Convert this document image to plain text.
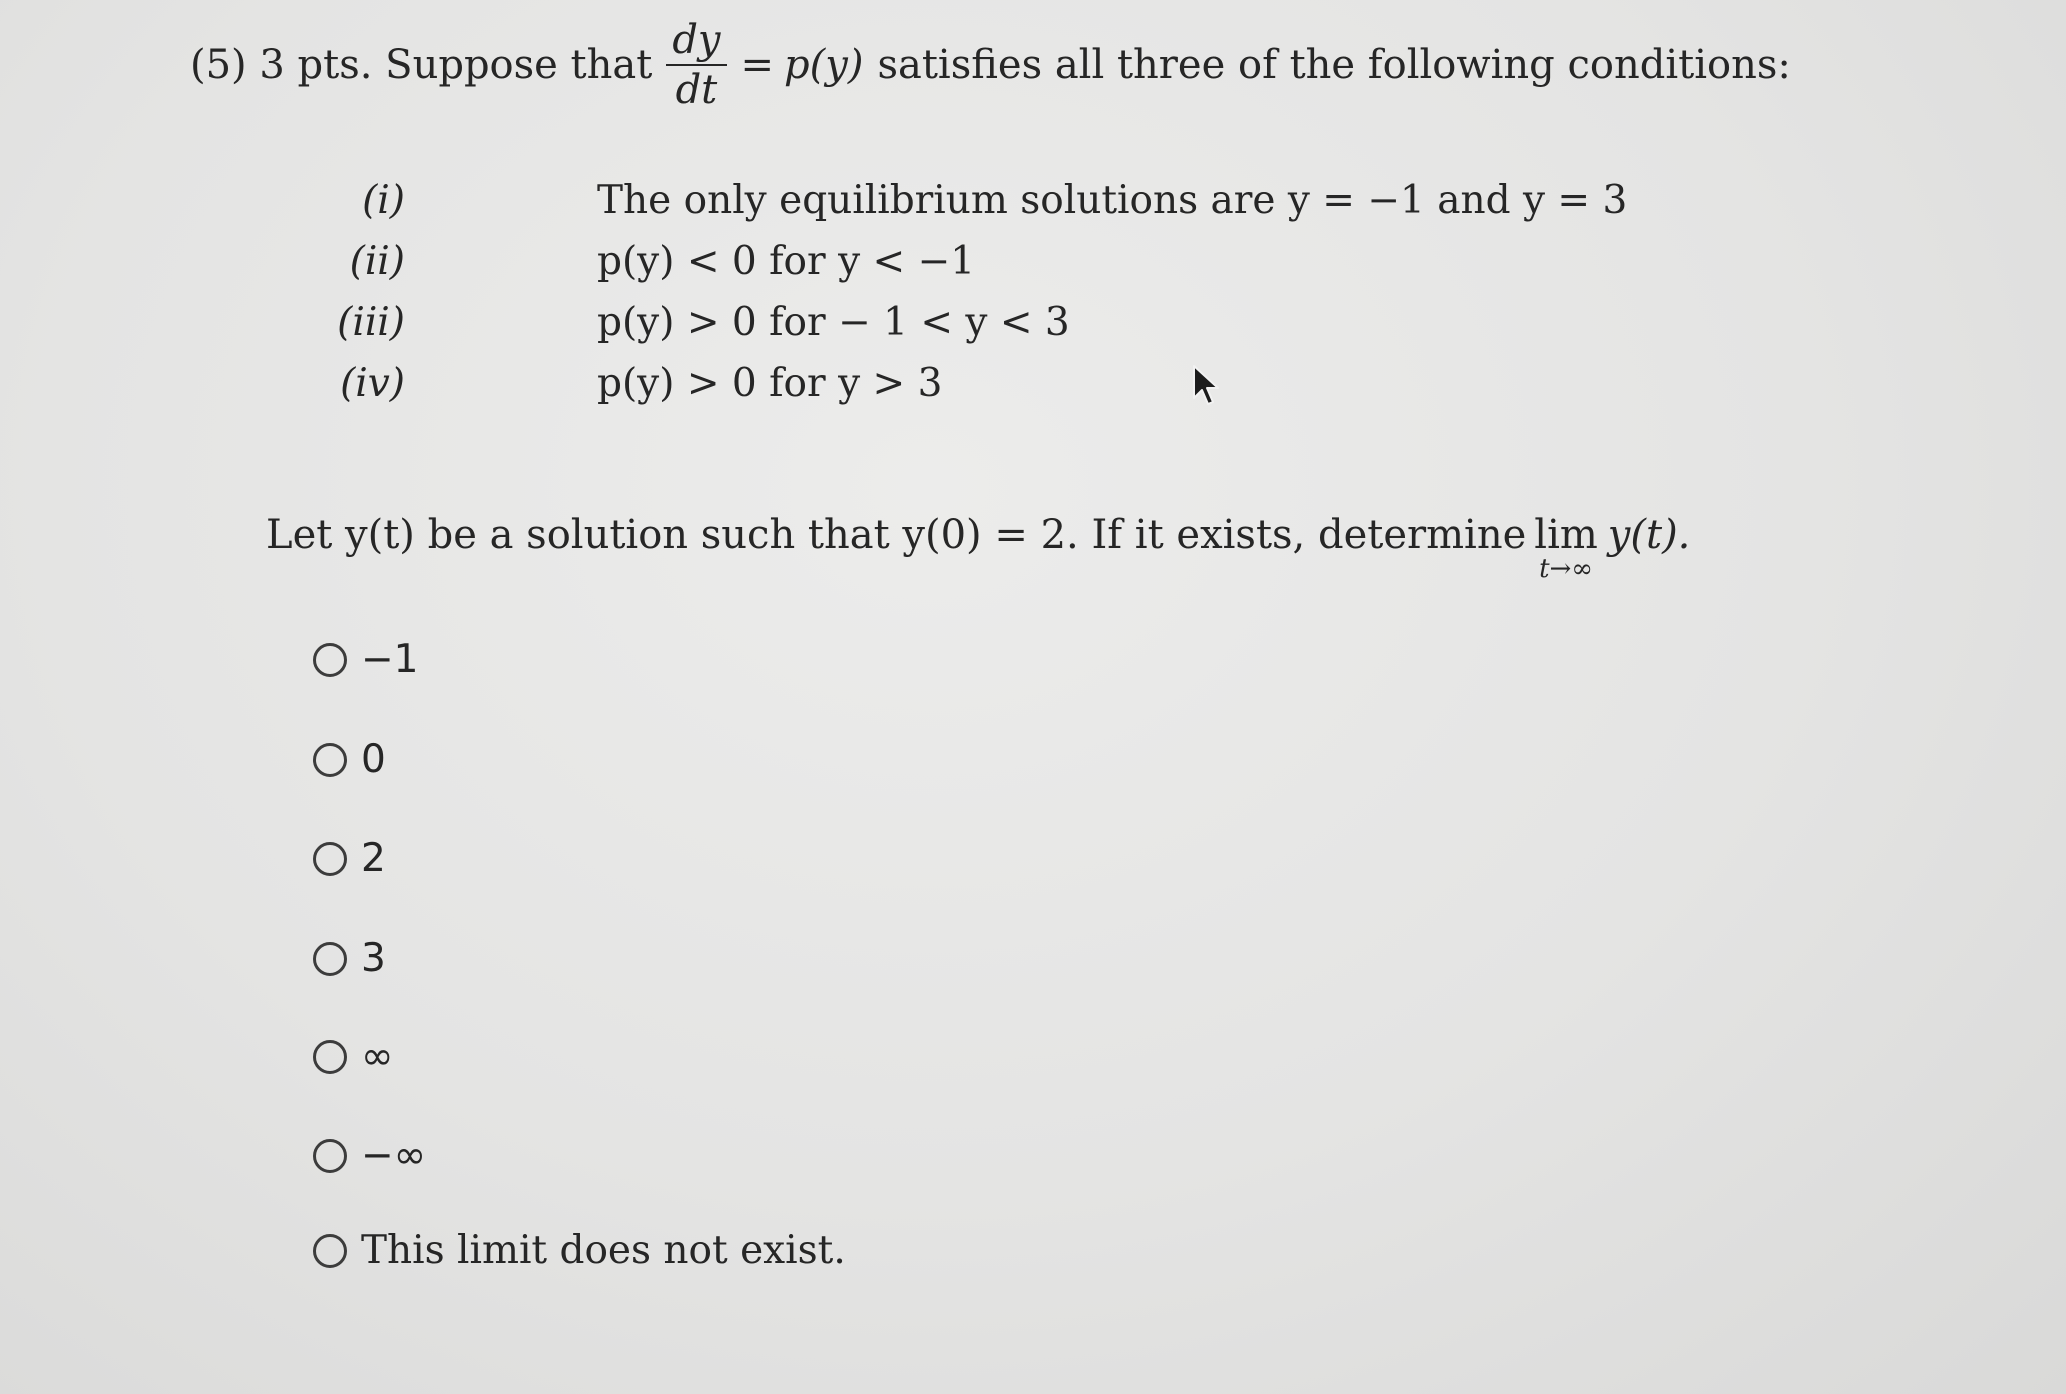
(5) 3 pts. Suppose that $\frac{dy}{dt} = p(y)$ satisfies all three of the following conditions:
(i)	The only equilibrium solutions are y = −1 and y = 3
(ii)	p(y) < 0 for y < −1
(iii)	p(y) > 0 for − 1 < y < 3
(iv)	p(y) > 0 for y > 3
Let y(t) be a solution such that y(0) = 2. If it exists, determine lim
t→∞
y(t).
−1
0
2
3
∞
−∞
This limit does not exist.
